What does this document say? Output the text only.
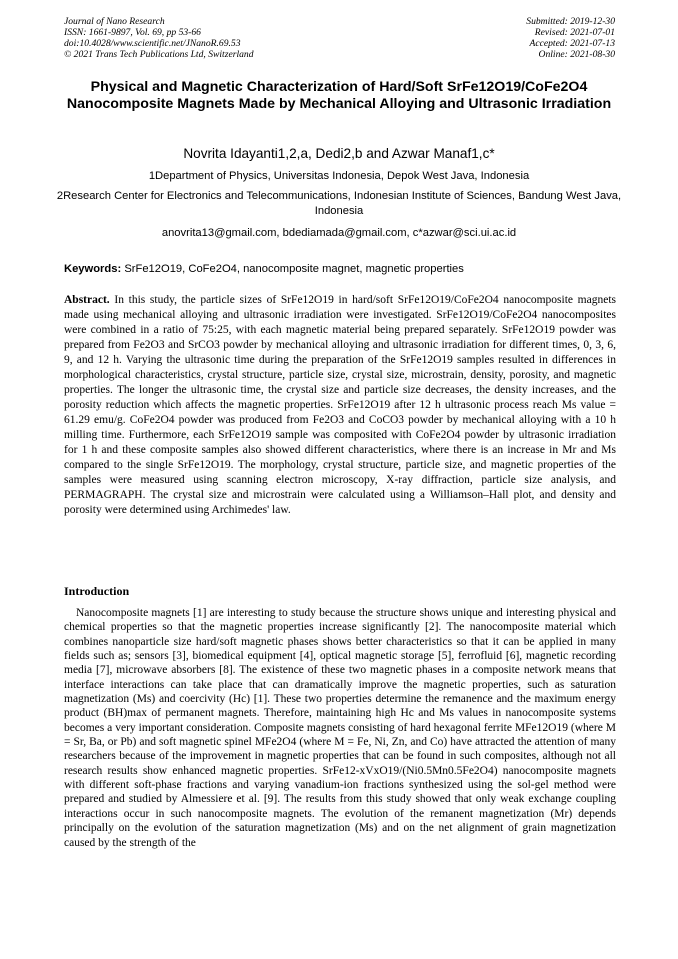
Journal of Nano Research
ISSN: 1661-9897, Vol. 69, pp 53-66
doi:10.4028/www.scientific.net/JNanoR.69.53
© 2021 Trans Tech Publications Ltd, Switzerland
Submitted: 2019-12-30
Revised: 2021-07-01
Accepted: 2021-07-13
Online: 2021-08-30
Physical and Magnetic Characterization of Hard/Soft SrFe12O19/CoFe2O4 Nanocomposite Magnets Made by Mechanical Alloying and Ultrasonic Irradiation
Novrita Idayanti1,2,a, Dedi2,b and Azwar Manaf1,c*
1Department of Physics, Universitas Indonesia, Depok West Java, Indonesia
2Research Center for Electronics and Telecommunications, Indonesian Institute of Sciences, Bandung West Java, Indonesia
anovrita13@gmail.com, bdediamada@gmail.com, c*azwar@sci.ui.ac.id
Keywords: SrFe12O19, CoFe2O4, nanocomposite magnet, magnetic properties

Abstract. In this study, the particle sizes of SrFe12O19 in hard/soft SrFe12O19/CoFe2O4 nanocomposite magnets made using mechanical alloying and ultrasonic irradiation were investigated. SrFe12O19/CoFe2O4 nanocomposites were combined in a ratio of 75:25, with each magnetic material being prepared separately. SrFe12O19 powder was prepared from Fe2O3 and SrCO3 powder by mechanical alloying and ultrasonic irradiation for different times, 0, 3, 6, 9, and 12 h. Varying the ultrasonic time during the preparation of the SrFe12O19 samples resulted in differences in morphological characteristics, crystal structure, particle size, crystal size, microstrain, density, porosity, and magnetic properties. The longer the ultrasonic time, the crystal size and particle size decreases, the density increases, and the porosity reduction which affects the magnetic properties. SrFe12O19 after 12 h ultrasonic process reach Ms value = 61.29 emu/g. CoFe2O4 powder was produced from Fe2O3 and CoCO3 powder by mechanical alloying with a 10 h milling time. Furthermore, each SrFe12O19 sample was composited with CoFe2O4 powder by ultrasonic irradiation for 1 h and these composite samples also showed different characteristics, where there is an increase in Mr and Ms compared to the single SrFe12O19. The morphology, crystal structure, particle size, and magnetic properties of the samples were measured using scanning electron microscopy, X-ray diffraction, particle size analysis, and PERMAGRAPH. The crystal size and microstrain were calculated using a Williamson–Hall plot, and density and porosity were determined using Archimedes' law.

Introduction

Nanocomposite magnets [1] are interesting to study because the structure shows unique and interesting physical and chemical properties so that the magnetic properties increase significantly [2]. The nanocomposite material which combines nanoparticle size hard/soft magnetic phases shows better characteristics so that it can be applied in many fields such as; sensors [3], biomedical equipment [4], optical magnetic storage [5], ferrofluid [6], magnetic recording media [7], microwave absorbers [8]. The existence of these two magnetic phases in a composite network means that interface interactions can take place that can dramatically improve the magnetic properties, such as saturation magnetization (Ms) and coercivity (Hc) [1]. These two properties determine the remanence and the maximum energy product (BH)max of permanent magnets. Therefore, maintaining high Hc and Ms values in nanocomposite systems becomes a very important consideration. Composite magnets consisting of hard hexagonal ferrite MFe12O19 (where M = Sr, Ba, or Pb) and soft magnetic spinel MFe2O4 (where M = Fe, Ni, Zn, and Co) have attracted the attention of many researchers because of the improvement in magnetic properties that can be found in such composites, although not all research results show enhanced magnetic properties. SrFe12-xVxO19/(Ni0.5Mn0.5Fe2O4) nanocomposite magnets with different soft-phase fractions and varying vanadium-ion fractions synthesized using the sol-gel method were prepared and studied by Almessiere et al. [9]. The results from this study showed that only weak exchange coupling interactions occur in such nanocomposite magnets. The evolution of the remanent magnetization (Mr) depends principally on the evolution of the saturation magnetization (Ms) and on the net alignment of grain magnetization caused by the strength of the
